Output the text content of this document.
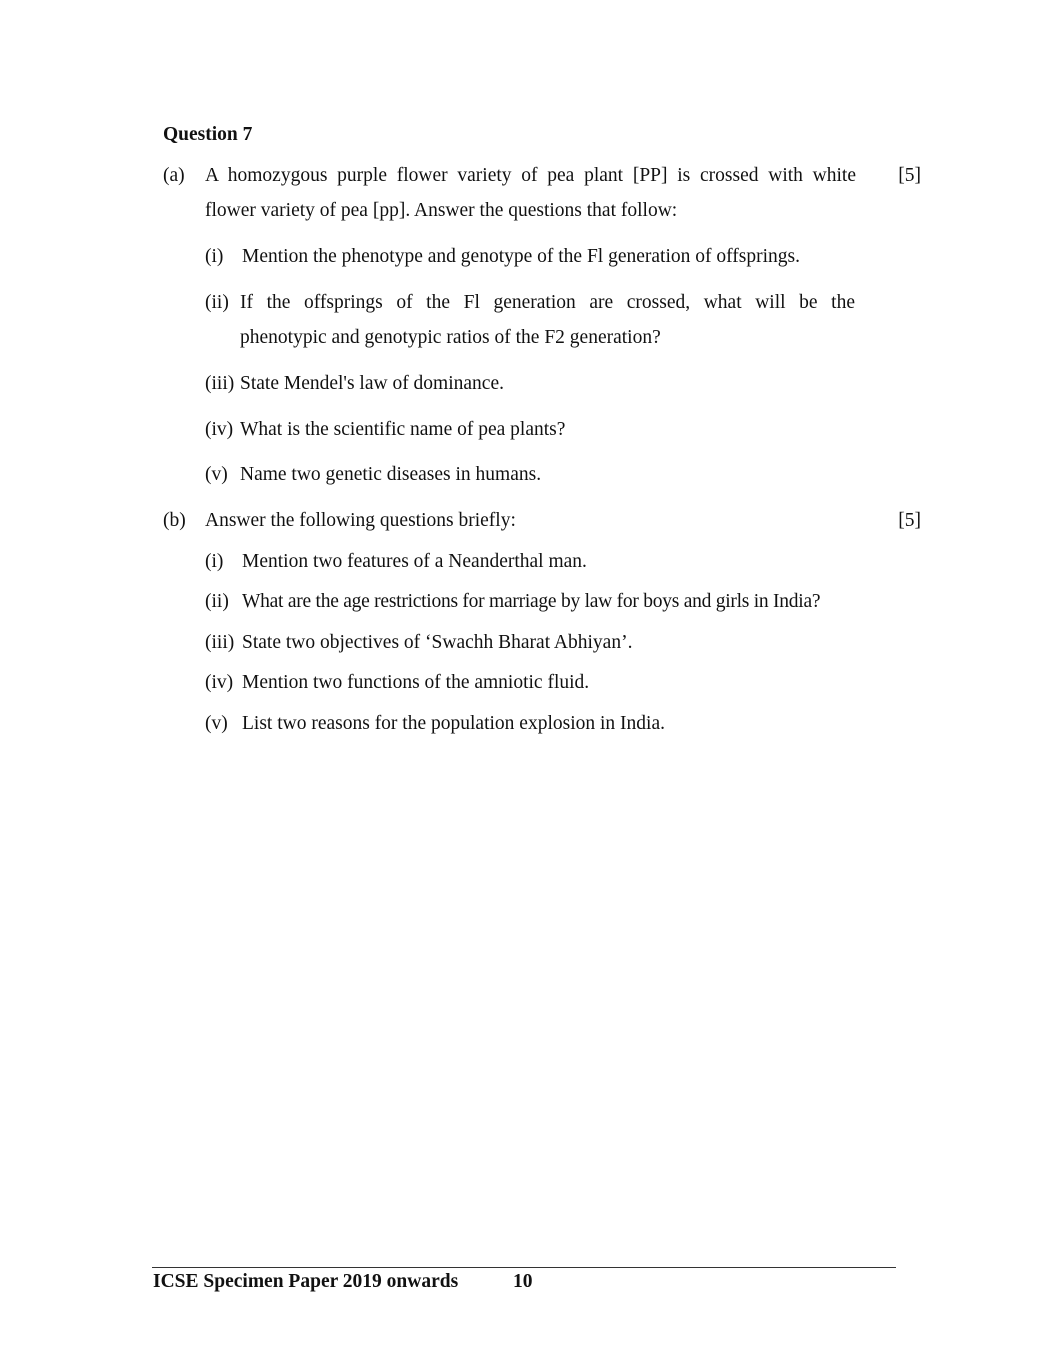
Question 7
(a) A homozygous purple flower variety of pea plant [PP] is crossed with white	[5]
flower variety of pea [pp]. Answer the questions that follow:
(i) Mention the phenotype and genotype of the Fl generation of offsprings.
(ii) If the offsprings of the Fl generation are crossed, what will be the
phenotypic and genotypic ratios of the F2 generation?
(iii) State Mendel's law of dominance.
(iv) What is the scientific name of pea plants?
(v) Name two genetic diseases in humans.
(b) Answer the following questions briefly:	[5]
(i) Mention two features of a Neanderthal man.
(ii) What are the age restrictions for marriage by law for boys and girls in India?
(iii) State two objectives of ‘Swachh Bharat Abhiyan’.
(iv) Mention two functions of the amniotic fluid.
(v) List two reasons for the population explosion in India.
ICSE Specimen Paper 2019 onwards	10
